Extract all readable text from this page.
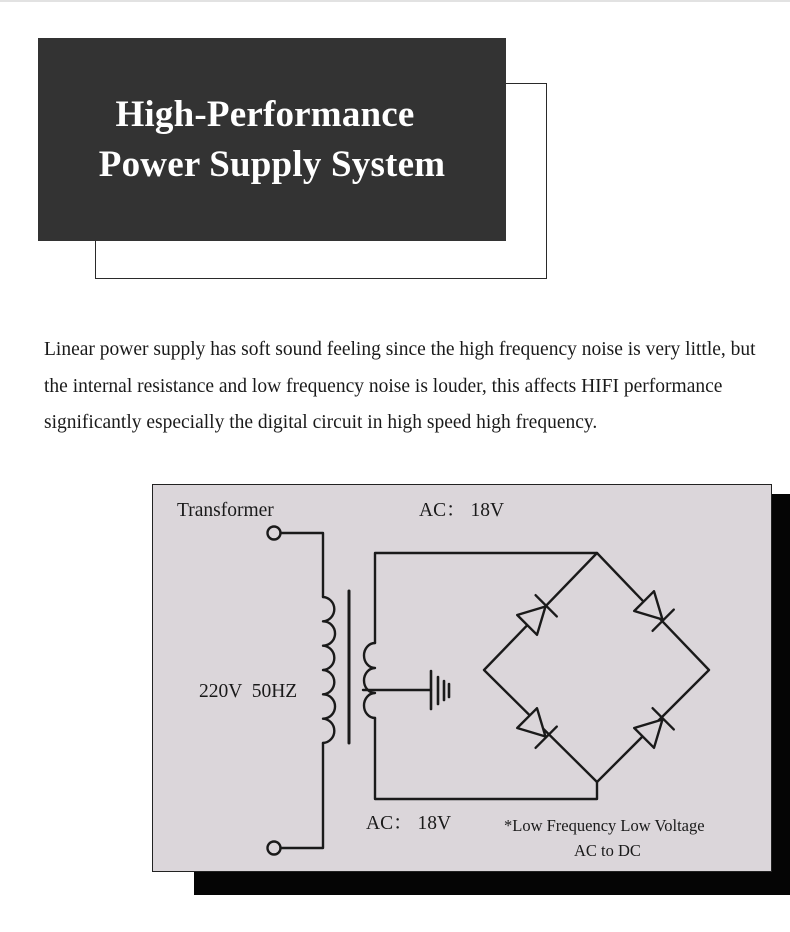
High-Performance
Power Supply System

Linear power supply has soft sound feeling since the high frequency noise is very little, but the internal resistance and low frequency noise is louder, this affects HIFI performance significantly especially the digital circuit in high speed high frequency.

Transformer	AC： 18V
220V  50HZ
AC： 18V	*Low Frequency Low Voltage
AC to DC
